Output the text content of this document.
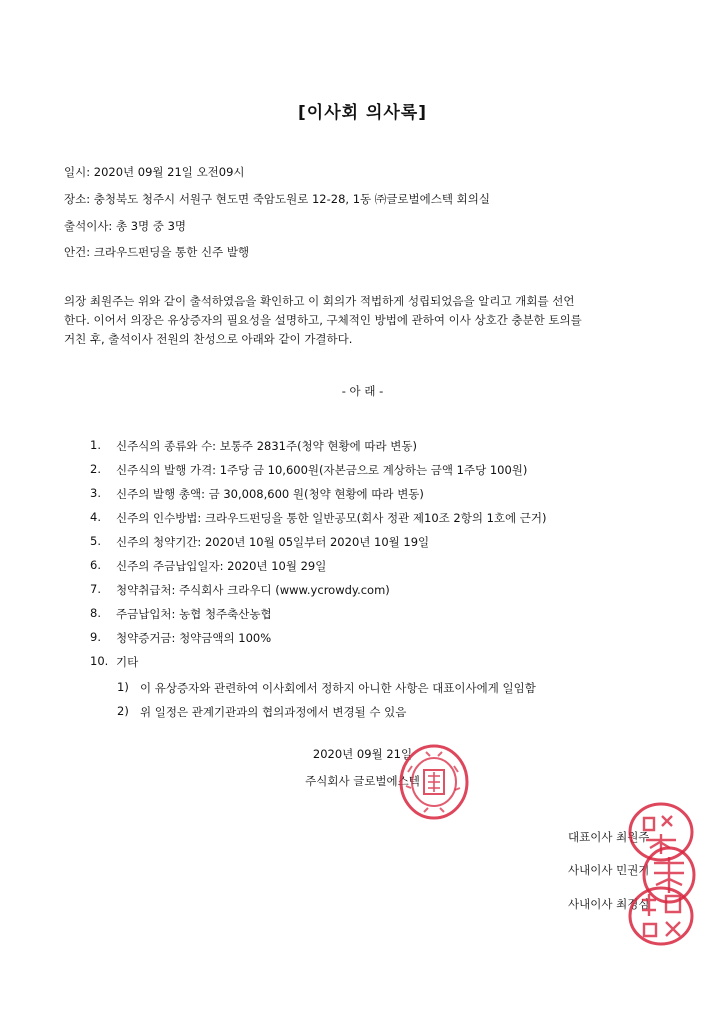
[이사회 의사록]
일시: 2020년 09월 21일 오전09시
장소: 충청북도 청주시 서원구 현도면 죽암도원로 12-28, 1동 ㈜글로벌에스텍 회의실
출석이사: 총 3명 중 3명
안건: 크라우드펀딩을 통한 신주 발행
의장 최원주는 위와 같이 출석하였음을 확인하고 이 회의가 적법하게 성립되었음을 알리고 개회를 선언
한다. 이어서 의장은 유상증자의 필요성을 설명하고, 구체적인 방법에 관하여 이사 상호간 충분한 토의를
거친 후, 출석이사 전원의 찬성으로 아래와 같이 가결하다.
- 아 래 -
1.	신주식의 종류와 수: 보통주 2831주(청약 현황에 따라 변동)
2.	신주식의 발행 가격: 1주당 금 10,600원(자본금으로 계상하는 금액 1주당 100원)
3.	신주의 발행 총액: 금 30,008,600 원(청약 현황에 따라 변동)
4.	신주의 인수방법: 크라우드펀딩을 통한 일반공모(회사 정관 제10조 2항의 1호에 근거)
5.	신주의 청약기간: 2020년 10월 05일부터 2020년 10월 19일
6.	신주의 주금납입일자: 2020년 10월 29일
7.	청약취급처: 주식회사 크라우디 (www.ycrowdy.com)
8.	주금납입처: 농협 청주축산농협
9.	청약증거금: 청약금액의 100%
10. 기타
1) 이 유상증자와 관련하여 이사회에서 정하지 아니한 사항은 대표이사에게 일임함
2) 위 일정은 관계기관과의 협의과정에서 변경될 수 있음
2020년 09월 21일
주식회사 글로벌에스텍
대표이사 최원주
사내이사 민권기
사내이사 최경심
